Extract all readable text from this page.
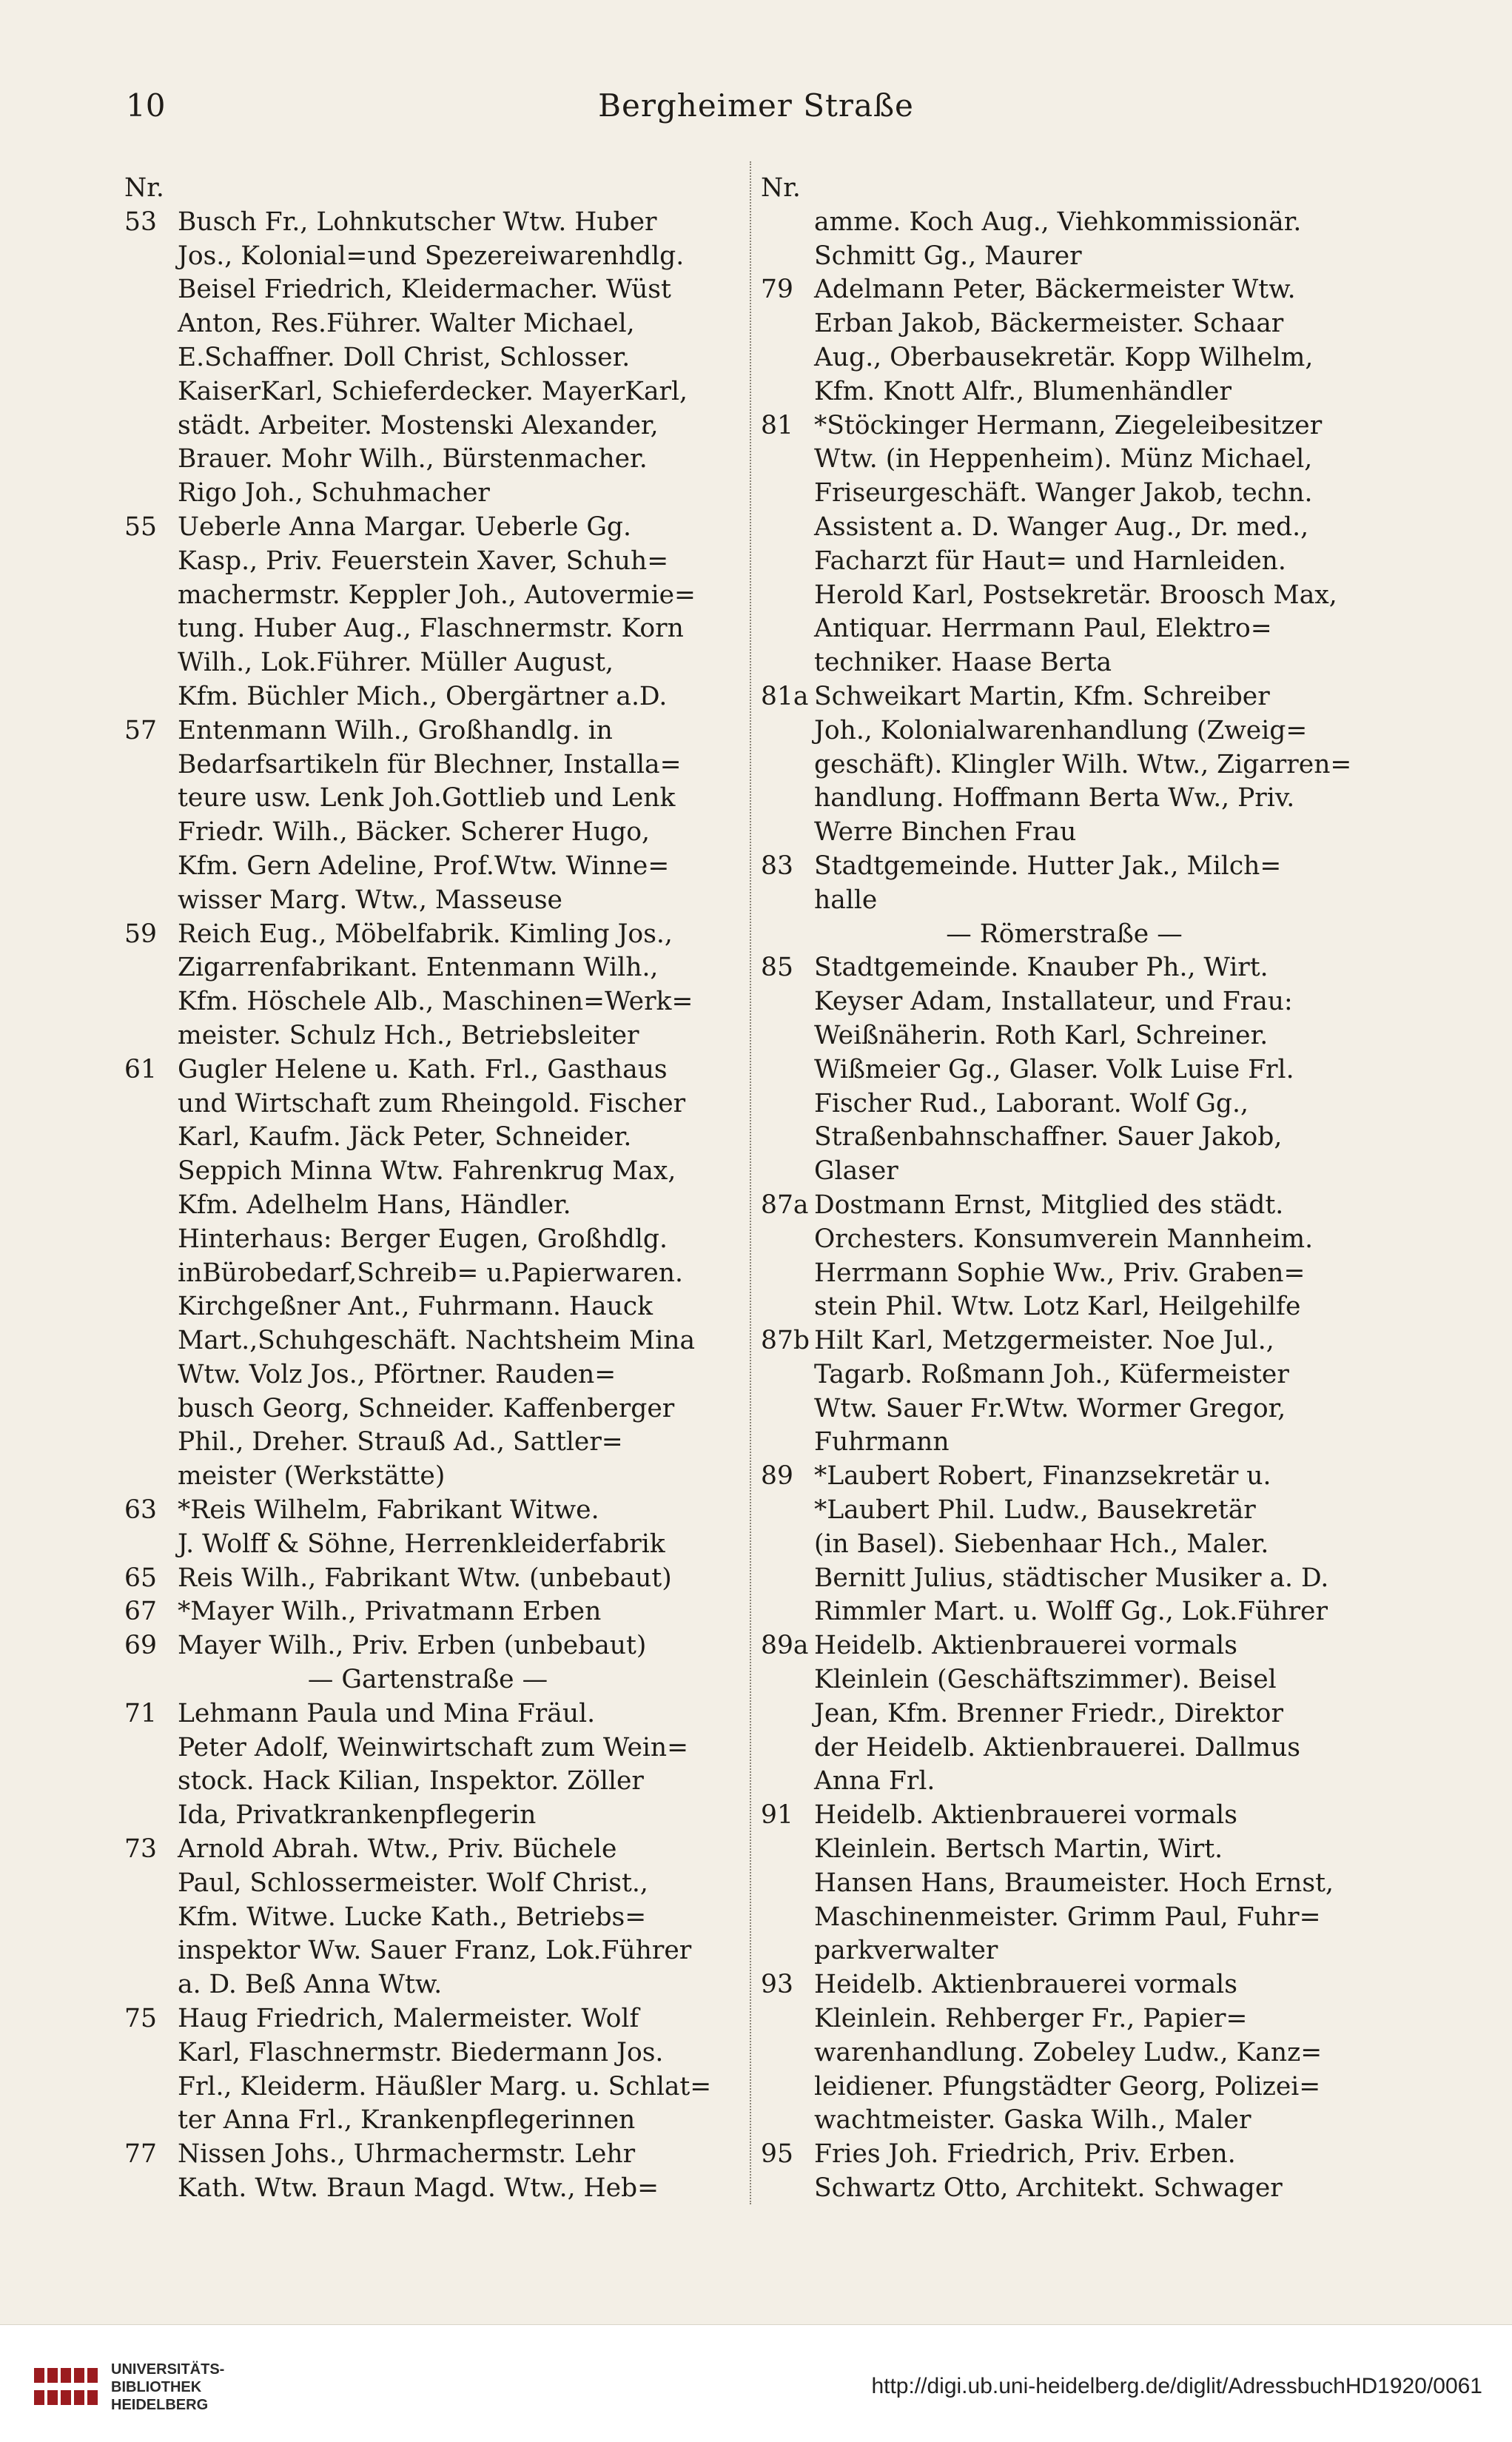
10	Bergheimer Straße
Nr.
53 Busch Fr., Lohnkutscher Wtw. Huber
Jos., Kolonial=und Spezereiwarenhdlg.
Beisel Friedrich, Kleidermacher. Wüst
Anton, Res.Führer. Walter Michael,
E.Schaffner. Doll Christ, Schlosser.
KaiserKarl, Schieferdecker. MayerKarl,
städt. Arbeiter. Mostenski Alexander,
Brauer. Mohr Wilh., Bürstenmacher.
Rigo Joh., Schuhmacher
55 Ueberle Anna Margar. Ueberle Gg.
Kasp., Priv. Feuerstein Xaver, Schuh=
machermstr. Keppler Joh., Autovermie=
tung. Huber Aug., Flaschnermstr. Korn
Wilh., Lok.Führer. Müller August,
Kfm. Büchler Mich., Obergärtner a.D.
57 Entenmann Wilh., Großhandlg. in
Bedarfsartikeln für Blechner, Installa=
teure usw. Lenk Joh.Gottlieb und Lenk
Friedr. Wilh., Bäcker. Scherer Hugo,
Kfm. Gern Adeline, Prof.Wtw. Winne=
wisser Marg. Wtw., Masseuse
59 Reich Eug., Möbelfabrik. Kimling Jos.,
Zigarrenfabrikant. Entenmann Wilh.,
Kfm. Höschele Alb., Maschinen=Werk=
meister. Schulz Hch., Betriebsleiter
61 Gugler Helene u. Kath. Frl., Gasthaus
und Wirtschaft zum Rheingold. Fischer
Karl, Kaufm. Jäck Peter, Schneider.
Seppich Minna Wtw. Fahrenkrug Max,
Kfm. Adelhelm Hans, Händler.
Hinterhaus: Berger Eugen, Großhdlg.
inBürobedarf,Schreib= u.Papierwaren.
Kirchgeßner Ant., Fuhrmann. Hauck
Mart.,Schuhgeschäft. Nachtsheim Mina
Wtw. Volz Jos., Pförtner. Rauden=
busch Georg, Schneider. Kaffenberger
Phil., Dreher. Strauß Ad., Sattler=
meister (Werkstätte)
63 *Reis Wilhelm, Fabrikant Witwe.
J. Wolff & Söhne, Herrenkleiderfabrik
65 Reis Wilh., Fabrikant Wtw. (unbebaut)
67 *Mayer Wilh., Privatmann Erben
69 Mayer Wilh., Priv. Erben (unbebaut)
— Gartenstraße —
71 Lehmann Paula und Mina Fräul.
Peter Adolf, Weinwirtschaft zum Wein=
stock. Hack Kilian, Inspektor. Zöller
Ida, Privatkrankenpflegerin
73 Arnold Abrah. Wtw., Priv. Büchele
Paul, Schlossermeister. Wolf Christ.,
Kfm. Witwe. Lucke Kath., Betriebs=
inspektor Ww. Sauer Franz, Lok.Führer
a. D. Beß Anna Wtw.
75 Haug Friedrich, Malermeister. Wolf
Karl, Flaschnermstr. Biedermann Jos.
Frl., Kleiderm. Häußler Marg. u. Schlat=
ter Anna Frl., Krankenpflegerinnen
77 Nissen Johs., Uhrmachermstr. Lehr
Kath. Wtw. Braun Magd. Wtw., Heb=
Nr.
amme. Koch Aug., Viehkommissionär.
Schmitt Gg., Maurer
79 Adelmann Peter, Bäckermeister Wtw.
Erban Jakob, Bäckermeister. Schaar
Aug., Oberbausekretär. Kopp Wilhelm,
Kfm. Knott Alfr., Blumenhändler
81 *Stöckinger Hermann, Ziegeleibesitzer
Wtw. (in Heppenheim). Münz Michael,
Friseurgeschäft. Wanger Jakob, techn.
Assistent a. D. Wanger Aug., Dr. med.,
Facharzt für Haut= und Harnleiden.
Herold Karl, Postsekretär. Broosch Max,
Antiquar. Herrmann Paul, Elektro=
techniker. Haase Berta
81a Schweikart Martin, Kfm. Schreiber
Joh., Kolonialwarenhandlung (Zweig=
geschäft). Klingler Wilh. Wtw., Zigarren=
handlung. Hoffmann Berta Ww., Priv.
Werre Binchen Frau
83 Stadtgemeinde. Hutter Jak., Milch=
halle
— Römerstraße —
85 Stadtgemeinde. Knauber Ph., Wirt.
Keyser Adam, Installateur, und Frau:
Weißnäherin. Roth Karl, Schreiner.
Wißmeier Gg., Glaser. Volk Luise Frl.
Fischer Rud., Laborant. Wolf Gg.,
Straßenbahnschaffner. Sauer Jakob,
Glaser
87a Dostmann Ernst, Mitglied des städt.
Orchesters. Konsumverein Mannheim.
Herrmann Sophie Ww., Priv. Graben=
stein Phil. Wtw. Lotz Karl, Heilgehilfe
87b Hilt Karl, Metzgermeister. Noe Jul.,
Tagarb. Roßmann Joh., Küfermeister
Wtw. Sauer Fr.Wtw. Wormer Gregor,
Fuhrmann
89 *Laubert Robert, Finanzsekretär u.
*Laubert Phil. Ludw., Bausekretär
(in Basel). Siebenhaar Hch., Maler.
Bernitt Julius, städtischer Musiker a. D.
Rimmler Mart. u. Wolff Gg., Lok.Führer
89a Heidelb. Aktienbrauerei vormals
Kleinlein (Geschäftszimmer). Beisel
Jean, Kfm. Brenner Friedr., Direktor
der Heidelb. Aktienbrauerei. Dallmus
Anna Frl.
91 Heidelb. Aktienbrauerei vormals
Kleinlein. Bertsch Martin, Wirt.
Hansen Hans, Braumeister. Hoch Ernst,
Maschinenmeister. Grimm Paul, Fuhr=
parkverwalter
93 Heidelb. Aktienbrauerei vormals
Kleinlein. Rehberger Fr., Papier=
warenhandlung. Zobeley Ludw., Kanz=
leidiener. Pfungstädter Georg, Polizei=
wachtmeister. Gaska Wilh., Maler
95 Fries Joh. Friedrich, Priv. Erben.
Schwartz Otto, Architekt. Schwager
UNIVERSITÄTS-
BIBLIOTHEK
HEIDELBERG
http://digi.ub.uni-heidelberg.de/diglit/AdressbuchHD1920/0061
